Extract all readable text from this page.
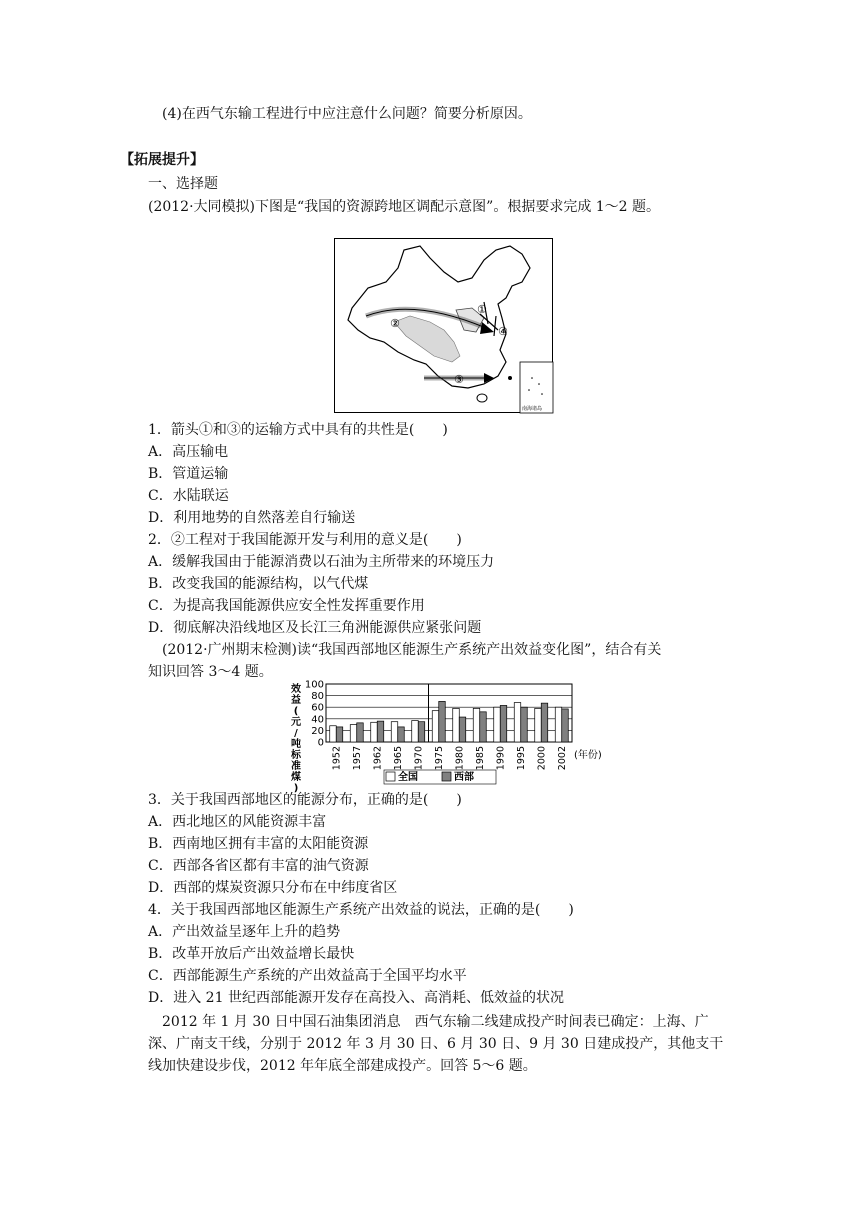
(4)在西气东输工程进行中应注意什么问题？简要分析原因。
【拓展提升】
一、选择题
(2012·大同模拟)下图是“我国的资源跨地区调配示意图”。根据要求完成 1～2 题。
①
②
③
④
南海诸岛
1．箭头①和③的运输方式中具有的共性是(　　)
A．高压输电
B．管道运输
C．水陆联运
D．利用地势的自然落差自行输送
2．②工程对于我国能源开发与利用的意义是(　　)
A．缓解我国由于能源消费以石油为主所带来的环境压力
B．改变我国的能源结构，以气代煤
C．为提高我国能源供应安全性发挥重要作用
D．彻底解决沿线地区及长江三角洲能源供应紧张问题
(2012·广州期末检测)读“我国西部地区能源生产系统产出效益变化图”，结合有关
知识回答 3～4 题。
效
益
(
元
/
吨
标
准
煤
)
100
80
60
40
20
0
1952 1957 1962 1965 1970 1975 1980 1985 1990 1995 2000 2002 (年份)
全国	西部
3．关于我国西部地区的能源分布，正确的是(　　)
A．西北地区的风能资源丰富
B．西南地区拥有丰富的太阳能资源
C．西部各省区都有丰富的油气资源
D．西部的煤炭资源只分布在中纬度省区
4．关于我国西部地区能源生产系统产出效益的说法，正确的是(　　)
A．产出效益呈逐年上升的趋势
B．改革开放后产出效益增长最快
C．西部能源生产系统的产出效益高于全国平均水平
D．进入 21 世纪西部能源开发存在高投入、高消耗、低效益的状况
2012 年 1 月 30 日中国石油集团消息　西气东输二线建成投产时间表已确定：上海、广
深、广南支干线，分别于 2012 年 3 月 30 日、6 月 30 日、9 月 30 日建成投产，其他支干
线加快建设步伐，2012 年年底全部建成投产。回答 5～6 题。
